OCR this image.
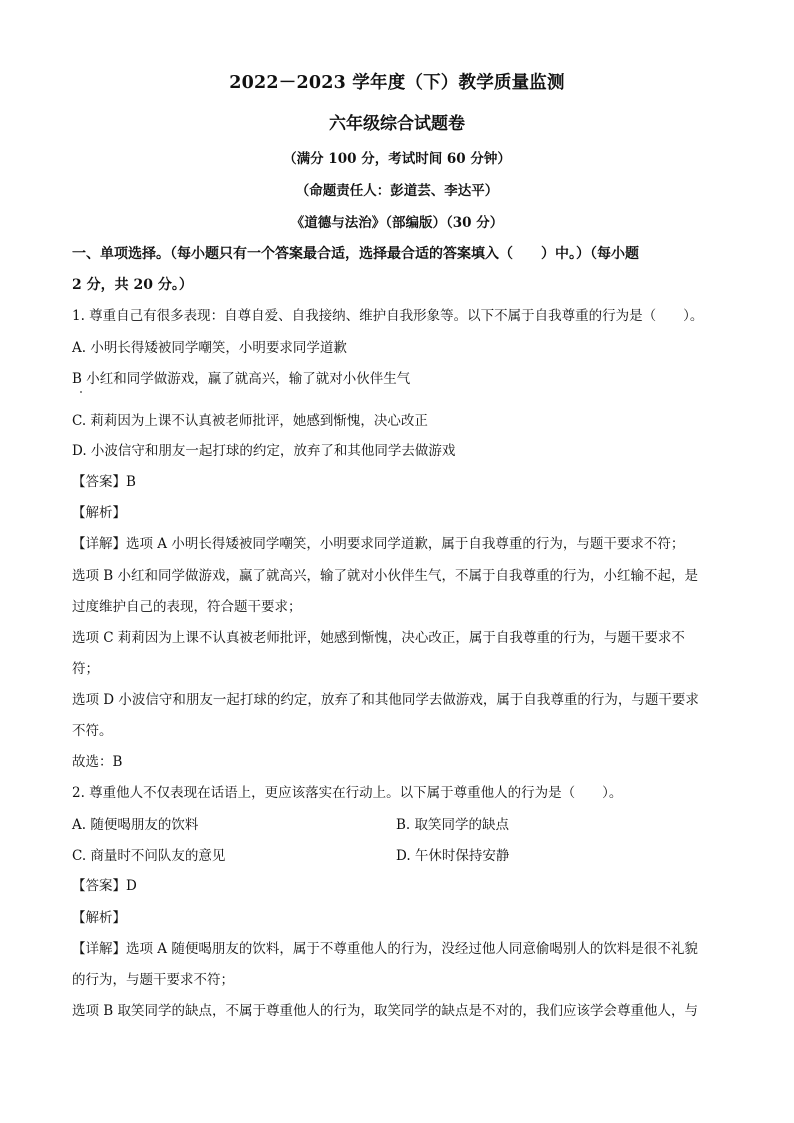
2022－2023 学年度（下）教学质量监测
六年级综合试题卷
（满分 100 分，考试时间 60 分钟）
（命题责任人：彭道芸、李达平）
《道德与法治》（部编版）（30 分）
一、单项选择。（每小题只有一个答案最合适，选择最合适的答案填入（　　）中。）（每小题
2 分，共 20 分。）
1. 尊重自己有很多表现：自尊自爱、自我接纳、维护自我形象等。以下不属于自我尊重的行为是（　　）。
A. 小明长得矮被同学嘲笑，小明要求同学道歉
B 小红和同学做游戏，赢了就高兴，输了就对小伙伴生气
C. 莉莉因为上课不认真被老师批评，她感到惭愧，决心改正
D. 小波信守和朋友一起打球的约定，放弃了和其他同学去做游戏
【答案】B
【解析】
【详解】选项 A 小明长得矮被同学嘲笑，小明要求同学道歉，属于自我尊重的行为，与题干要求不符；
选项 B 小红和同学做游戏，赢了就高兴，输了就对小伙伴生气，不属于自我尊重的行为，小红输不起，是
过度维护自己的表现，符合题干要求；
选项 C 莉莉因为上课不认真被老师批评，她感到惭愧，决心改正，属于自我尊重的行为，与题干要求不
符；
选项 D 小波信守和朋友一起打球的约定，放弃了和其他同学去做游戏，属于自我尊重的行为，与题干要求
不符。
故选：B
2. 尊重他人不仅表现在话语上，更应该落实在行动上。以下属于尊重他人的行为是（　　）。
A. 随便喝朋友的饮料	B. 取笑同学的缺点
C. 商量时不问队友的意见	D. 午休时保持安静
【答案】D
【解析】
【详解】选项 A 随便喝朋友的饮料，属于不尊重他人的行为，没经过他人同意偷喝别人的饮料是很不礼貌
的行为，与题干要求不符；
选项 B 取笑同学的缺点，不属于尊重他人的行为，取笑同学的缺点是不对的，我们应该学会尊重他人，与
